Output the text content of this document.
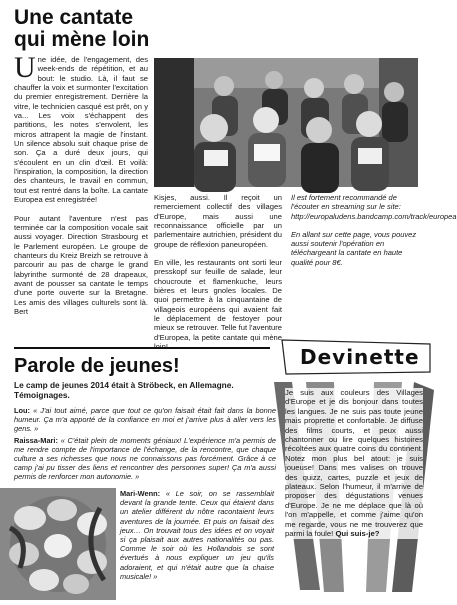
Une cantate
qui mène loin

Une idée, de l'engagement, des week-ends de répétition, et au bout: le studio. Là, il faut se chauffer la voix et surmonter l'excitation du premier enregistrement. Derrière la vitre, le technicien casqué est prêt, on y va... Les voix s'échappent des partitions, les notes s'envolent, les micros attrapent la magie de l'instant. Un silence absolu suit chaque prise de son. Ça a duré deux jours, qui s'écoulent en un clin d'œil. Et voilà: l'inspiration, la composition, la direction des chanteurs, le travail en commun, tout est rentré dans la boîte. La cantate Europea est enregistrée!

Pour autant l'aventure n'est pas terminée car la composition vocale sait aussi voyager. Direction Strasbourg et le Parlement européen. Le groupe de chanteurs du Kreiz Breizh se retrouve à parcourir au pas de charge le grand labyrinthe surmonté de 28 drapeaux, avant de pousser sa cantate le temps d'une porte ouverte sur la Bretagne. Les amis des villages culturels sont là. Bert

Kisjes, aussi. Il reçoit un remerciement collectif des villages d'Europe, mais aussi une reconnaissance officielle par un parlementaire autrichien, président du groupe de réflexion paneuropéen.

En ville, les restaurants ont sorti leur presskopf sur feuille de salade, leur choucroute et flamenkuche, leurs bières et leurs gnoles locales. De quoi permettre à la cinquantaine de villageois européens qui avaient fait le déplacement de festoyer pour mieux se retrouver. Telle fut l'aventure d'Europea, la petite cantate qui mène loin!

Il est fortement recommandé de l'écouter en streaming sur le site: http://europaludens.bandcamp.com/track/europea

En allant sur cette page, vous pouvez aussi soutenir l'opération en téléchargeant la cantate en haute qualité pour 8€.

Devinette

Je suis aux couleurs des Villages d'Europe et je dis bonjour dans toutes les langues. Je ne suis pas toute jeune mais proprette et confortable. Je diffuse des films courts, et peux aussi chantonner ou lire quelques histoires récoltées aux quatre coins du continent. Notez mon plus bel atout: je suis joueuse! Dans mes valises on trouve des quizz, cartes, puzzle et jeux de plateaux. Selon l'humeur, il m'arrive de proposer des dégustations venues d'Europe. Je ne me déplace que là où l'on m'appelle, et comme j'aime qu'on me regarde, vous ne me trouverez que parmi la foule! Qui suis-je?

Parole de jeunes!
Le camp de jeunes 2014 était à Ströbeck, en Allemagne. Témoignages.

Lou: « J'ai tout aimé, parce que tout ce qu'on faisait était fait dans la bonne humeur. Ça m'a apporté de la confiance en moi et j'arrive plus à aller vers les gens. »

Raissa-Mari: « C'était plein de moments géniaux! L'expérience m'a permis de me rendre compte de l'importance de l'échange, de la rencontre, que chaque culture a ses richesses que nous ne connaissons pas forcément. Grâce à ce camp j'ai pu tisser des liens et rencontrer des personnes super! Ça m'a aussi permis de renforcer mon autonomie. »

Mari-Wenn: « Le soir, on se rassemblait devant la grande tente. Ceux qui étaient dans un atelier différent du nôtre racontaient leurs aventures de la journée. Et puis on faisait des jeux… On trouvait tous des idées et on voyait si ça plaisait aux autres nationalités ou pas. Comme le soir où les Hollandois se sont évertués à nous expliquer un jeu qu'ils adoraient, et qui n'était autre que la chaise musicale! »
